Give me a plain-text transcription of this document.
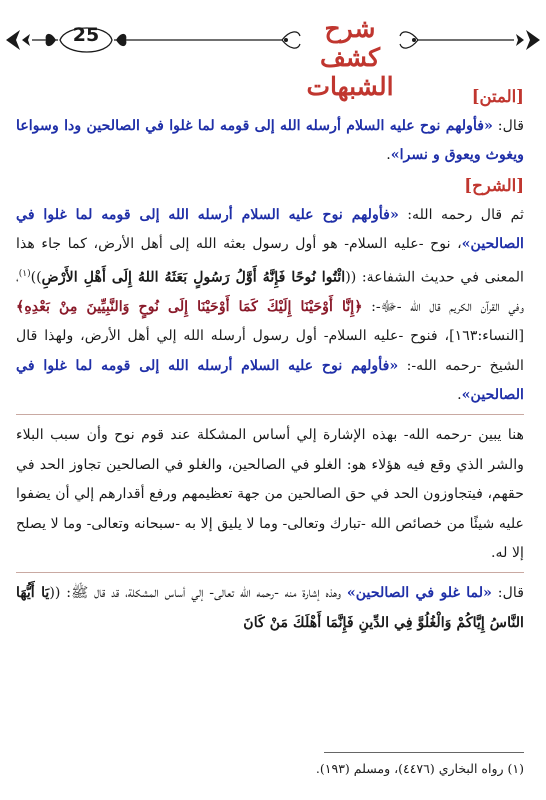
25	شرح كشف الشبهات	[المتن]

قال: «فأولهم نوح عليه السلام أرسله الله إلى قومه لما غلوا في الصالحين ودا وسواعا ويغوث ويعوق و نسرا».

[الشرح]

ثم قال رحمه الله: «فأولهم نوح عليه السلام أرسله الله إلى قومه لما غلوا في الصالحين»، نوح -عليه السلام- هو أول رسول بعثه الله إلى أهل الأرض، كما جاء هذا المعنى في حديث الشفاعة: ((ائْتُوا نُوحًا فَإِنَّهُ أَوَّلُ رَسُولٍ بَعَثَهُ اللهُ إِلَى أَهْلِ الأَرْضِ))$^{(١)}$، وفي القرآن الكريم قال الله -ﷻ-: ﴿إِنَّا أَوْحَيْنَا إِلَيْكَ كَمَا أَوْحَيْنَا إِلَى نُوحٍ وَالنَّبِيِّينَ مِنْ بَعْدِهِ﴾ [النساء:١٦٣]، فنوح -عليه السلام- أول رسول أرسله الله إلي أهل الأرض، ولهذا قال الشيخ -رحمه الله-: «فأولهم نوح عليه السلام أرسله الله إلى قومه لما غلوا في الصالحين».

هنا يبين -رحمه الله- بهذه الإشارة إلي أساس المشكلة عند قوم نوح وأن سبب البلاء والشر الذي وقع فيه هؤلاء هو: الغلو في الصالحين، والغلو في الصالحين تجاوز الحد في حقهم، فيتجاوزون الحد في حق الصالحين من جهة تعظيمهم ورفع أقدارهم إلي أن يضفوا عليه شيئًا من خصائص الله -تبارك وتعالى- وما لا يليق إلا به -سبحانه وتعالى- وما لا يصلح إلا له.

قال: «لما غلو في الصالحين» وهذه إشارة منه -رحمه الله تعالى- إلي أساس المشكلة، قد قال ﷺ: ((يَا أَيُّهَا النَّاسُ إِيَّاكُمْ وَالْغُلُوَّ فِي الدِّينِ فَإِنَّمَا أَهْلَكَ مَنْ كَانَ

(١) رواه البخاري (٤٤٧٦)، ومسلم (١٩٣).
